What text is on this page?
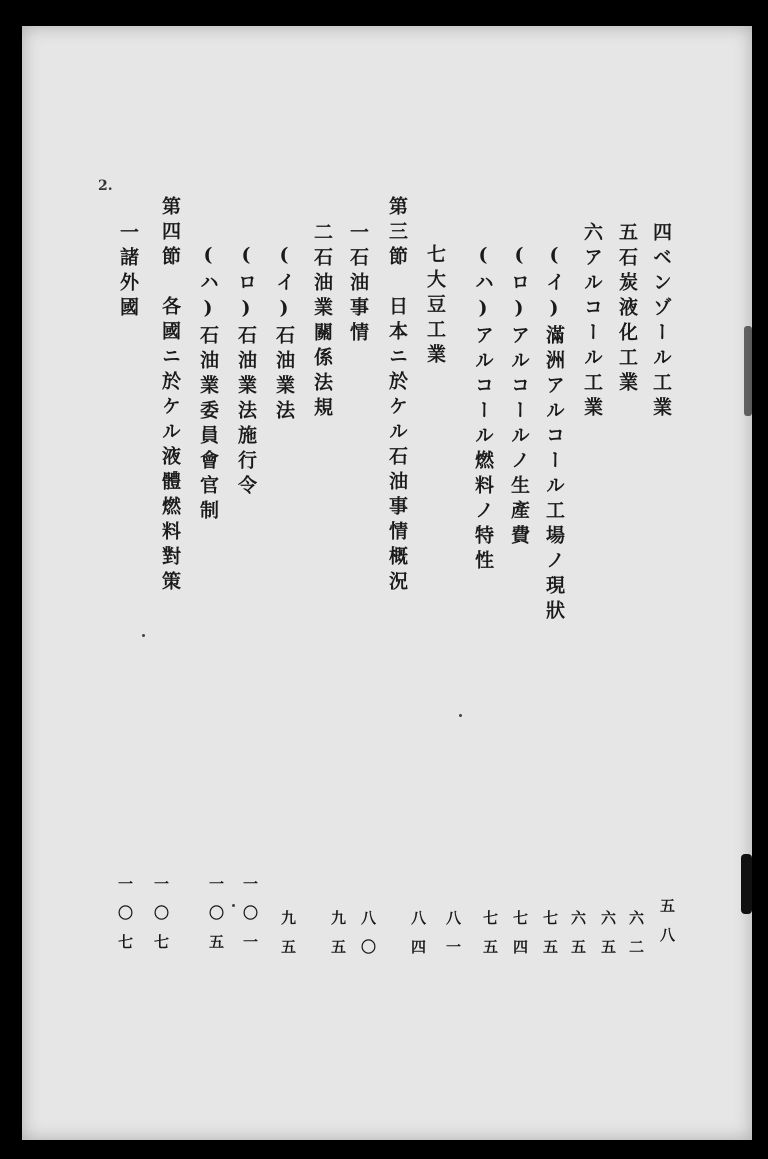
2.
四ベンゾール工業
五石炭液化工業
六アルコール工業
(イ)滿洲アルコール工場ノ現狀
(ロ)アルコールノ生產費
(ハ)アルコール燃料ノ特性
七大豆工業
第三節　日本ニ於ケル石油事情概況
一石油事情
二石油業關係法規
(イ)石油業法
(ロ)石油業法施行令
(ハ)石油業委員會官制
第四節　各國ニ於ケル液體燃料對策
一諸外國
五八
六二
六五
六五
七五
七四
七五
八一
八四
八〇
九五
九五
一〇一
一〇五
一〇七
一〇七
